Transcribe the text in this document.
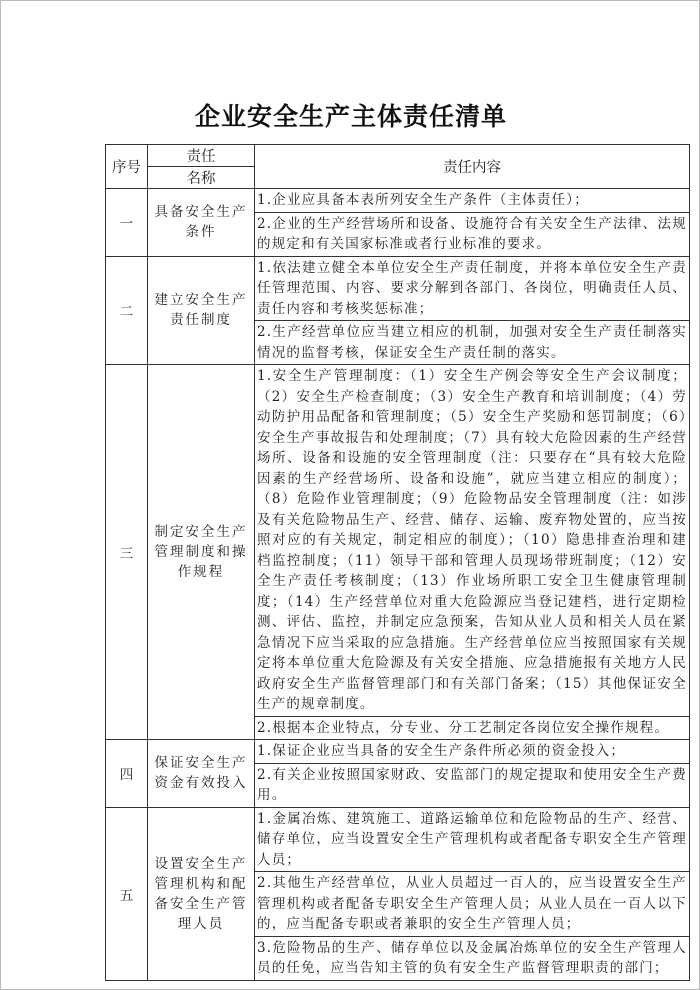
企业安全生产主体责任清单
序号	责任	责任内容
	名称	
一	具备安全生产条件	1.企业应具备本表所列安全生产条件（主体责任）；
		2.企业的生产经营场所和设备、设施符合有关安全生产法律、法规的规定和有关国家标准或者行业标准的要求。
二	建立安全生产责任制度	1.依法建立健全本单位安全生产责任制度，并将本单位安全生产责任管理范围、内容、要求分解到各部门、各岗位，明确责任人员、责任内容和考核奖惩标准；
		2.生产经营单位应当建立相应的机制，加强对安全生产责任制落实情况的监督考核，保证安全生产责任制的落实。
三	制定安全生产管理制度和操作规程	1.安全生产管理制度：（1）安全生产例会等安全生产会议制度；（2）安全生产检查制度；（3）安全生产教育和培训制度；（4）劳动防护用品配备和管理制度；（5）安全生产奖励和惩罚制度；（6）安全生产事故报告和处理制度；（7）具有较大危险因素的生产经营场所、设备和设施的安全管理制度（注：只要存在“具有较大危险因素的生产经营场所、设备和设施”，就应当建立相应的制度）；（8）危险作业管理制度；（9）危险物品安全管理制度（注：如涉及有关危险物品生产、经营、储存、运输、废弃物处置的，应当按照对应的有关规定，制定相应的制度）；（10）隐患排查治理和建档监控制度；（11）领导干部和管理人员现场带班制度；（12）安全生产责任考核制度；（13）作业场所职工安全卫生健康管理制度；（14）生产经营单位对重大危险源应当登记建档，进行定期检测、评估、监控，并制定应急预案，告知从业人员和相关人员在紧急情况下应当采取的应急措施。生产经营单位应当按照国家有关规定将本单位重大危险源及有关安全措施、应急措施报有关地方人民政府安全生产监督管理部门和有关部门备案；（15）其他保证安全生产的规章制度。
		2.根据本企业特点，分专业、分工艺制定各岗位安全操作规程。
四	保证安全生产资金有效投入	1.保证企业应当具备的安全生产条件所必须的资金投入；
		2.有关企业按照国家财政、安监部门的规定提取和使用安全生产费用。
五	设置安全生产管理机构和配备安全生产管理人员	1.金属冶炼、建筑施工、道路运输单位和危险物品的生产、经营、储存单位，应当设置安全生产管理机构或者配备专职安全生产管理人员；
		2.其他生产经营单位，从业人员超过一百人的，应当设置安全生产管理机构或者配备专职安全生产管理人员；从业人员在一百人以下的，应当配备专职或者兼职的安全生产管理人员；
		3.危险物品的生产、储存单位以及金属冶炼单位的安全生产管理人员的任免，应当告知主管的负有安全生产监督管理职责的部门；
